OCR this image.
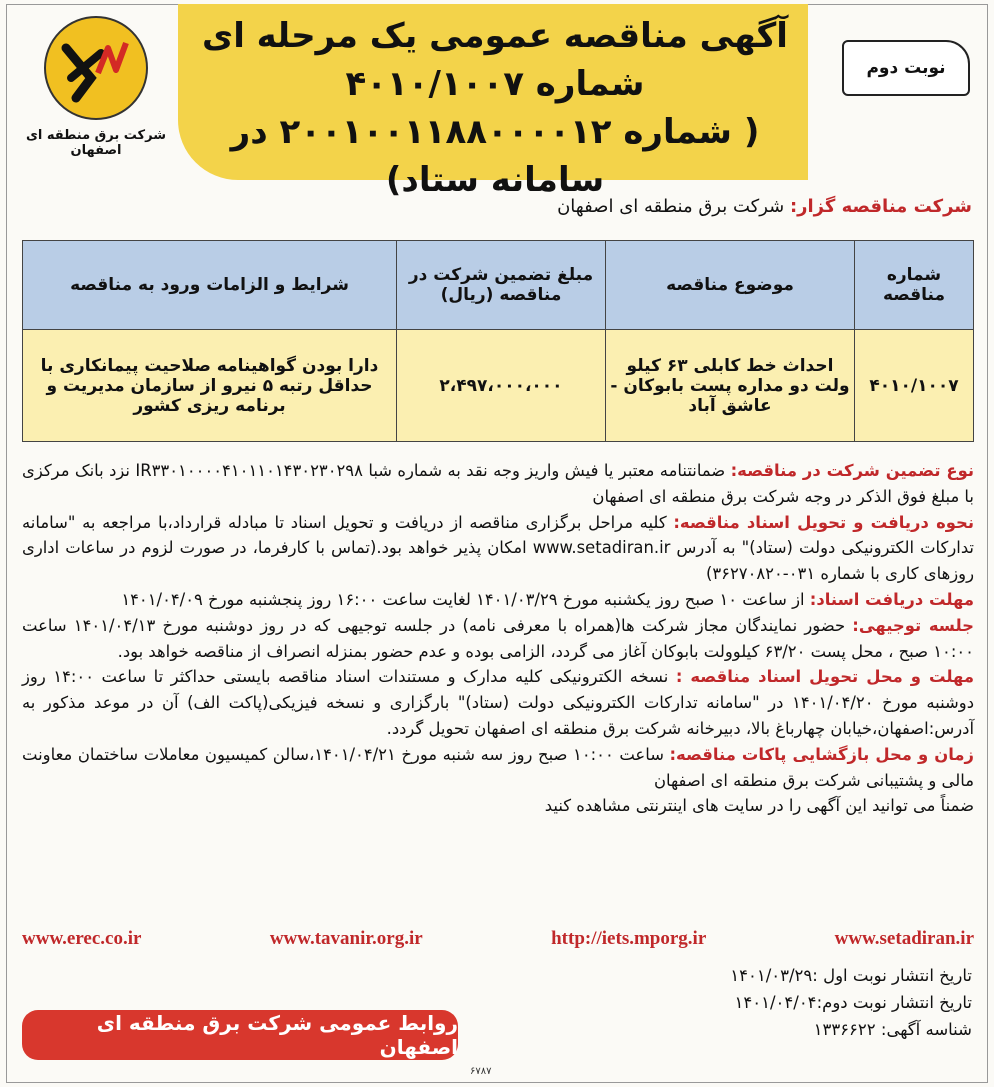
آگهی مناقصه عمومی یک مرحله ای
شماره ۴۰۱۰/۱۰۰۷
( شماره ۲۰۰۱۰۰۱۱۸۸۰۰۰۰۱۲ در سامانه ستاد)
نوبت دوم
شرکت برق منطقه ای اصفهان
شرکت مناقصه گزار: شرکت برق منطقه ای اصفهان
شماره مناقصه	موضوع مناقصه	مبلغ تضمین شرکت در مناقصه (ریال)	شرایط و الزامات ورود به مناقصه
۴۰۱۰/۱۰۰۷	احداث خط کابلی ۶۳ کیلو ولت دو مداره پست بابوکان - عاشق آباد	۲،۴۹۷،۰۰۰،۰۰۰	دارا بودن گواهینامه صلاحیت پیمانکاری با حداقل رتبه ۵ نیرو از سازمان مدیریت و برنامه ریزی کشور

نوع تضمین شرکت در مناقصه: ضمانتنامه معتبر یا فیش واریز وجه نقد به شماره شبا IR۳۳۰۱۰۰۰۰۴۱۰۱۱۰۱۴۳۰۲۳۰۲۹۸ نزد بانک مرکزی با مبلغ فوق الذکر در وجه شرکت برق منطقه ای اصفهان

نحوه دریافت و تحویل اسناد مناقصه: کلیه مراحل برگزاری مناقصه از دریافت و تحویل اسناد تا مبادله قرارداد،با مراجعه به "سامانه تدارکات الکترونیکی دولت (ستاد)" به آدرس www.setadiran.ir امکان پذیر خواهد بود.(تماس با کارفرما، در صورت لزوم در ساعات اداری روزهای کاری با شماره ۰۳۱-۳۶۲۷۰۸۲۰)

مهلت دریافت اسناد: از ساعت ۱۰ صبح روز یکشنبه مورخ ۱۴۰۱/۰۳/۲۹ لغایت ساعت ۱۶:۰۰ روز پنجشنبه مورخ ۱۴۰۱/۰۴/۰۹

جلسه توجیهی: حضور نمایندگان مجاز شرکت ها(همراه با معرفی نامه) در جلسه توجیهی که در روز دوشنبه مورخ ۱۴۰۱/۰۴/۱۳ ساعت ۱۰:۰۰ صبح ، محل پست ۶۳/۲۰ کیلوولت بابوکان آغاز می گردد، الزامی بوده و عدم حضور بمنزله انصراف از مناقصه خواهد بود.

مهلت و محل تحویل اسناد مناقصه : نسخه الکترونیکی کلیه مدارک و مستندات اسناد مناقصه بایستی حداکثر تا ساعت ۱۴:۰۰ روز دوشنبه مورخ ۱۴۰۱/۰۴/۲۰ در "سامانه تدارکات الکترونیکی دولت (ستاد)" بارگزاری و نسخه فیزیکی(پاکت الف) آن در موعد مذکور به آدرس:اصفهان،خیابان چهارباغ بالا، دبیرخانه شرکت برق منطقه ای اصفهان تحویل گردد.

زمان و محل بازگشایی پاکات مناقصه: ساعت ۱۰:۰۰ صبح روز سه شنبه مورخ ۱۴۰۱/۰۴/۲۱،سالن کمیسیون معاملات ساختمان معاونت مالی و پشتیبانی شرکت برق منطقه ای اصفهان

ضمناً می توانید این آگهی را در سایت های اینترنتی مشاهده کنید

www.setadiran.ir
http://iets.mporg.ir
www.tavanir.org.ir
www.erec.co.ir
تاریخ انتشار نوبت اول :۱۴۰۱/۰۳/۲۹
تاریخ انتشار نوبت دوم:۱۴۰۱/۰۴/۰۴
شناسه آگهی: ۱۳۳۶۶۲۲
روابط عمومی شرکت برق منطقه ای اصفهان
۶۷۸۷
